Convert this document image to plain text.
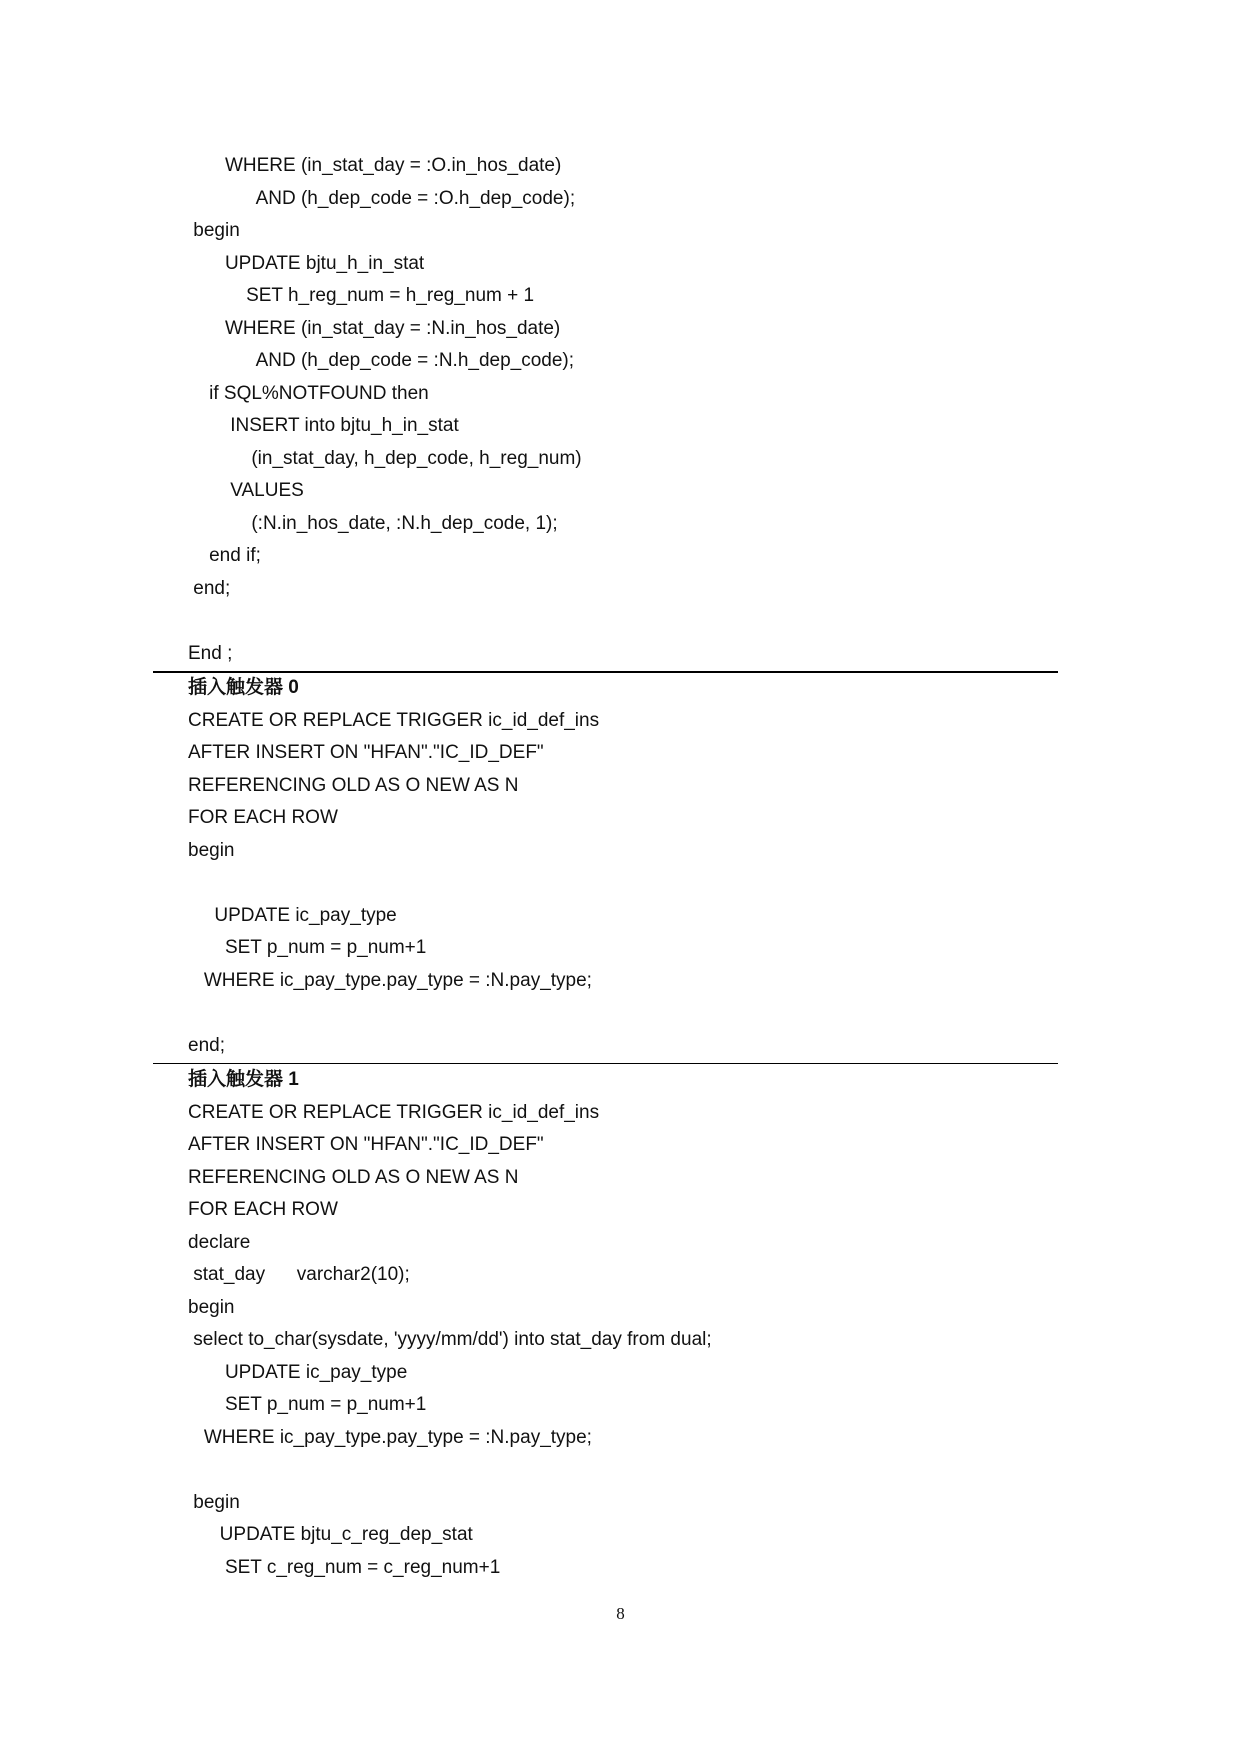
WHERE (in_stat_day = :O.in_hos_date)
AND (h_dep_code = :O.h_dep_code);
begin
UPDATE bjtu_h_in_stat
SET h_reg_num = h_reg_num + 1
WHERE (in_stat_day = :N.in_hos_date)
AND (h_dep_code = :N.h_dep_code);
if SQL%NOTFOUND then
INSERT into bjtu_h_in_stat
(in_stat_day, h_dep_code, h_reg_num)
VALUES
(:N.in_hos_date, :N.h_dep_code, 1);
end if;
end;
End ;
插入触发器 0
CREATE OR REPLACE TRIGGER ic_id_def_ins
AFTER INSERT ON "HFAN"."IC_ID_DEF"
REFERENCING OLD AS O NEW AS N
FOR EACH ROW
begin
UPDATE ic_pay_type
SET p_num = p_num+1
WHERE ic_pay_type.pay_type = :N.pay_type;
end;
插入触发器 1
CREATE OR REPLACE TRIGGER ic_id_def_ins
AFTER INSERT ON "HFAN"."IC_ID_DEF"
REFERENCING OLD AS O NEW AS N
FOR EACH ROW
declare
stat_day      varchar2(10);
begin
select to_char(sysdate, 'yyyy/mm/dd') into stat_day from dual;
UPDATE ic_pay_type
SET p_num = p_num+1
WHERE ic_pay_type.pay_type = :N.pay_type;
begin
UPDATE bjtu_c_reg_dep_stat
SET c_reg_num = c_reg_num+1
8
